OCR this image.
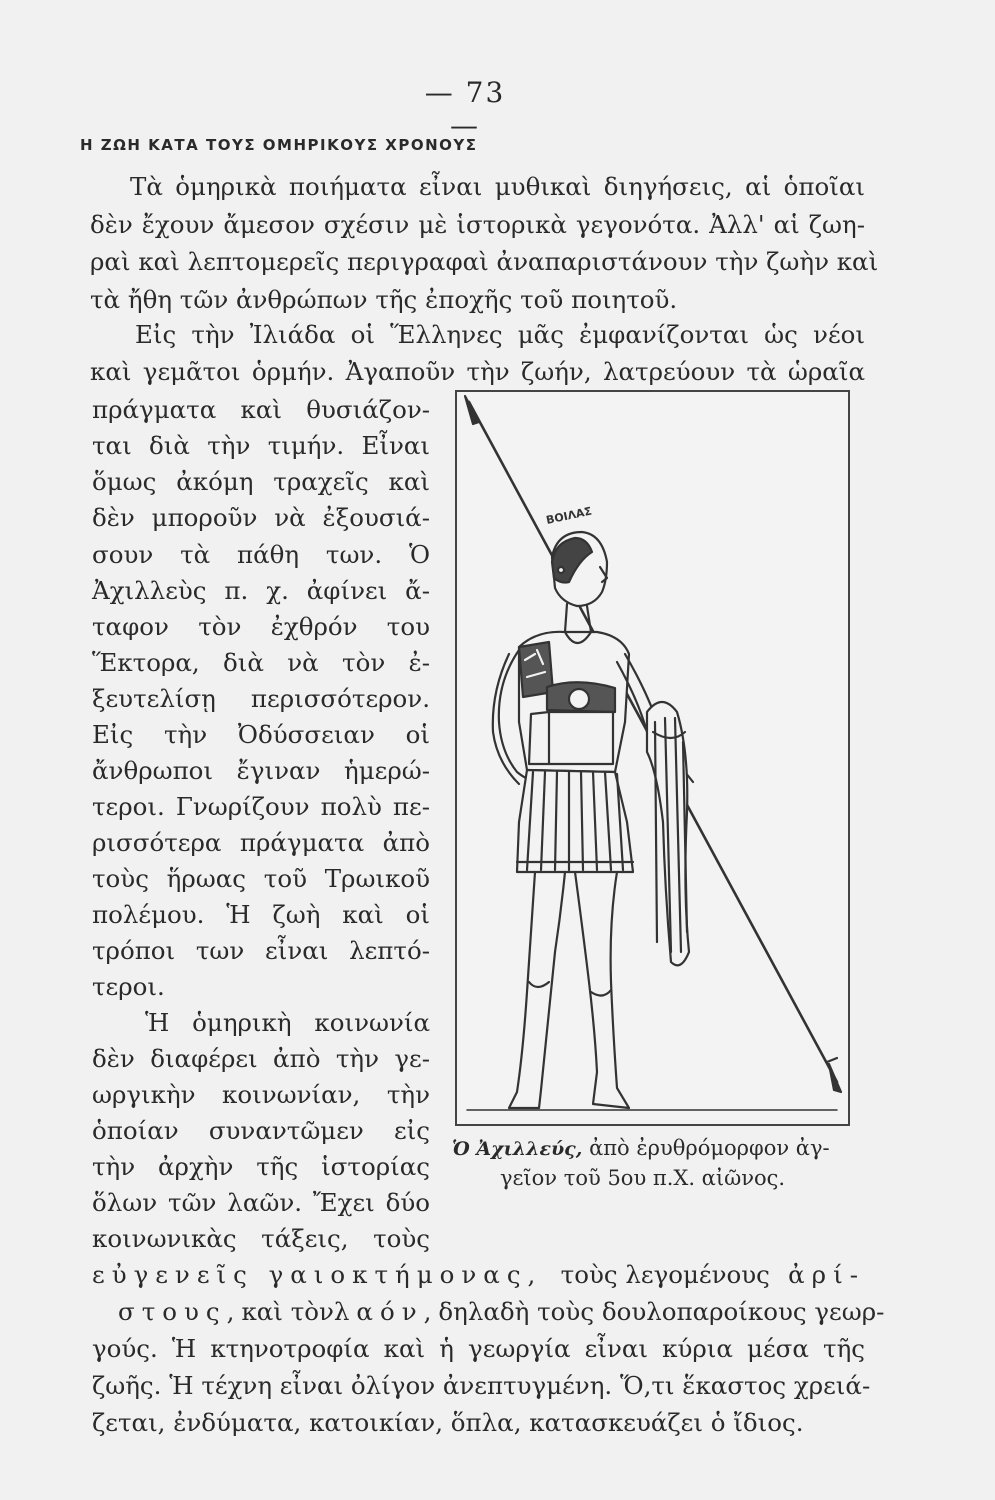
— 73 —
Η ΖΩΗ ΚΑΤΑ ΤΟΥΣ ΟΜΗΡΙΚΟΥΣ ΧΡΟΝΟΥΣ
Τὰ ὁμηρικὰ ποιήματα εἶναι μυθικαὶ διηγήσεις, αἱ ὁποῖαι
δὲν ἔχουν ἄμεσον σχέσιν μὲ ἱστορικὰ γεγονότα. Ἀλλ' αἱ ζωη-
ραὶ καὶ λεπτομερεῖς περιγραφαὶ ἀναπαριστάνουν τὴν ζωὴν καὶ
τὰ ἤθη τῶν ἀνθρώπων τῆς ἐποχῆς τοῦ ποιητοῦ.
Εἰς τὴν Ἰλιάδα οἱ Ἕλληνες μᾶς ἐμφανίζονται ὡς νέοι
καὶ γεμᾶτοι ὁρμήν. Ἀγαποῦν τὴν ζωήν, λατρεύουν τὰ ὡραῖα
πράγματα καὶ θυσιάζον-
ται διὰ τὴν τιμήν. Εἶναι
ὅμως ἀκόμη τραχεῖς καὶ
δὲν μποροῦν νὰ ἐξουσιά-
σουν τὰ πάθη των. Ὁ
Ἀχιλλεὺς π. χ. ἀφίνει ἄ-
ταφον τὸν ἐχθρόν του
Ἕκτορα, διὰ νὰ τὸν ἐ-
ξευτελίσῃ περισσότερον.
Εἰς τὴν Ὀδύσσειαν οἱ
ἄνθρωποι ἔγιναν ἡμερώ-
τεροι. Γνωρίζουν πολὺ πε-
ρισσότερα πράγματα ἀπὸ
τοὺς ἥρωας τοῦ Τρωικοῦ
πολέμου. Ἡ ζωὴ καὶ οἱ
τρόποι των εἶναι λεπτό-
τεροι.
Ἡ ὁμηρικὴ κοινωνία
δὲν διαφέρει ἀπὸ τὴν γε-
ωργικὴν κοινωνίαν, τὴν
ὁποίαν συναντῶμεν εἰς
τὴν ἀρχὴν τῆς ἱστορίας
ὅλων τῶν λαῶν. Ἔχει δύο
κοινωνικὰς τάξεις, τοὺς
ΒΟΙΛΑΣ
Ὁ Ἀχιλλεύς, ἀπὸ ἐρυθρόμορφον ἀγ-
γεῖον τοῦ 5ου π.Χ. αἰῶνος.
εὐγενεῖς γαιοκτήμονας, τοὺς λεγομένους ἀρί-
στους, καὶ τὸν λαόν, δηλαδὴ τοὺς δουλοπαροίκους γεωρ-
γούς. Ἡ κτηνοτροφία καὶ ἡ γεωργία εἶναι κύρια μέσα τῆς
ζωῆς. Ἡ τέχνη εἶναι ὀλίγον ἀνεπτυγμένη. Ὅ,τι ἕκαστος χρειά-
ζεται, ἐνδύματα, κατοικίαν, ὅπλα, κατασκευάζει ὁ ἴδιος.
